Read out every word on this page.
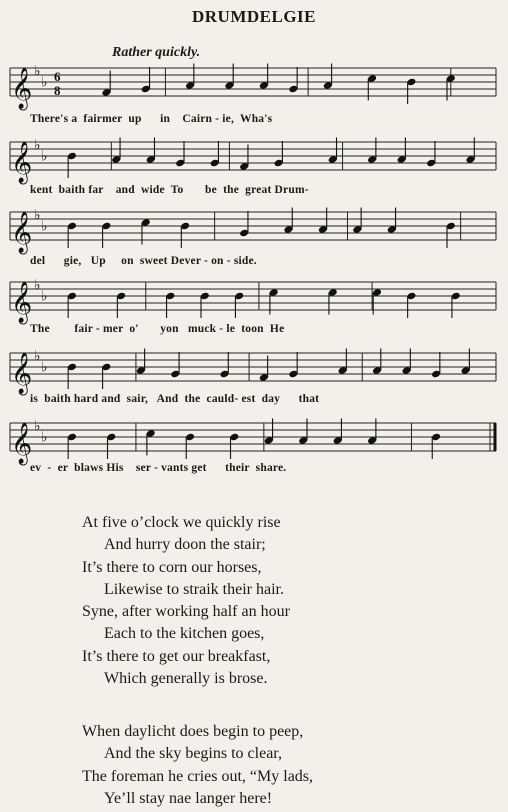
DRUMDELGIE
Rather quickly.
𝄞 ♭
♭ 6
8
There's a  fairmer  up      in    Cairn - ie,  Wha's
𝄞 ♭
♭
kent  baith far    and  wide  To       be  the  great Drum-
𝄞 ♭
♭
del      gie,   Up     on  sweet Dever - on - side.
𝄞 ♭
♭
The        fair - mer  o'       yon   muck - le  toon  He
𝄞 ♭
♭
is  baith hard and  sair,   And  the  cauld- est  day      that
𝄞 ♭
♭
ev  -  er  blaws His    ser - vants get      their  share.
At five o’clock we quickly rise
And hurry doon the stair;
It’s there to corn our horses,
Likewise to straik their hair.
Syne, after working half an hour
Each to the kitchen goes,
It’s there to get our breakfast,
Which generally is brose.
When daylicht does begin to peep,
And the sky begins to clear,
The foreman he cries out, “My lads,
Ye’ll stay nae langer here!
